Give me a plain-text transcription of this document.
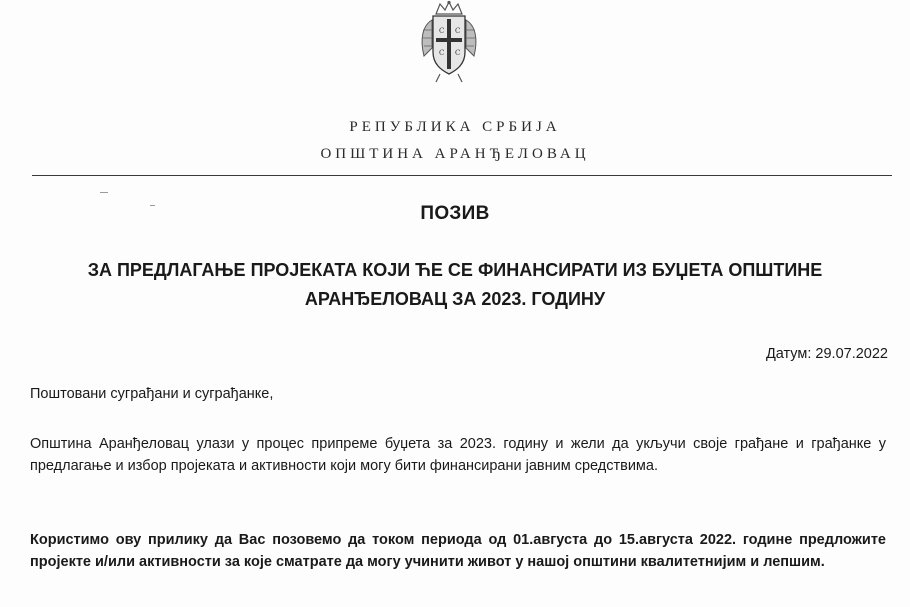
С С
С С
РЕПУБЛИКА СРБИЈА
ОПШТИНА АРАНЂЕЛОВАЦ
ПОЗИВ
ЗА ПРЕДЛАГАЊЕ ПРОЈЕКАТА КОЈИ ЋЕ СЕ ФИНАНСИРАТИ ИЗ БУЏЕТА ОПШТИНЕ АРАНЂЕЛОВАЦ ЗА 2023. ГОДИНУ
Датум: 29.07.2022
Поштовани суграђани и суграђанке,
Општина Аранђеловац улази у процес припреме буџета за 2023. годину и жели да укључи своје грађане и грађанке у предлагање и избор пројеката и активности који могу бити финансирани јавним средствима.
Користимо ову прилику да Вас позовемо да током периода од 01.августа до 15.августа 2022. године предложите пројекте и/или активности за које сматрате да могу учинити живот у нашој општини квалитетнијим и лепшим.
